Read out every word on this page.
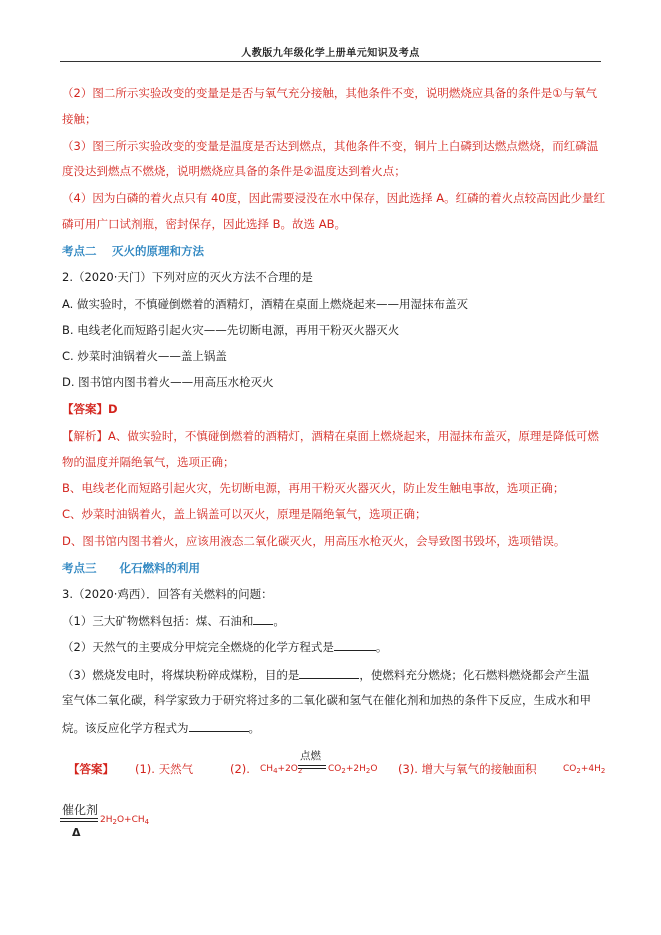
人教版九年级化学上册单元知识及考点
（2）图二所示实验改变的变量是是否与氧气充分接触，其他条件不变，说明燃烧应具备的条件是①与氧气
接触；
（3）图三所示实验改变的变量是温度是否达到燃点，其他条件不变，铜片上白磷到达燃点燃烧，而红磷温
度没达到燃点不燃烧，说明燃烧应具备的条件是②温度达到着火点；
（4）因为白磷的着火点只有 40度，因此需要浸没在水中保存，因此选择 A。红磷的着火点较高因此少量红
磷可用广口试剂瓶，密封保存，因此选择 B。故选 AB。
考点二　 灭火的原理和方法
2.（2020·天门）下列对应的灭火方法不合理的是
A. 做实验时，不慎碰倒燃着的酒精灯，酒精在桌面上燃烧起来——用湿抹布盖灭
B. 电线老化而短路引起火灾——先切断电源，再用干粉灭火器灭火
C. 炒菜时油锅着火——盖上锅盖
D. 图书馆内图书着火——用高压水枪灭火
【答案】D
【解析】A、做实验时，不慎碰倒燃着的酒精灯，酒精在桌面上燃烧起来，用湿抹布盖灭，原理是降低可燃
物的温度并隔绝氧气，选项正确；
B、电线老化而短路引起火灾，先切断电源，再用干粉灭火器灭火，防止发生触电事故，选项正确；
C、炒菜时油锅着火，盖上锅盖可以灭火，原理是隔绝氧气，选项正确；
D、图书馆内图书着火，应该用液态二氧化碳灭火，用高压水枪灭火，会导致图书毁坏，选项错误。
考点三　　化石燃料的利用
3.（2020·鸡西）．回答有关燃料的问题：
（1）三大矿物燃料包括：煤、石油和 。
（2）天然气的主要成分甲烷完全燃烧的化学方程式是	。
（3）燃烧发电时，将煤块粉碎成煤粉，目的是	，使燃料充分燃烧；化石燃料燃烧都会产生温
室气体二氧化碳，科学家致力于研究将过多的二氧化碳和氢气在催化剂和加热的条件下反应，生成水和甲
烷。该反应化学方程式为	。
【答案】 (1). 天然气	(2). $CH_4+2O_2$
点燃
$CO_2+2H_2O$ (3). 增大与氧气的接触面积	$CO_2+4H_2$
催化剂
Δ
$2H_2O+CH_4$
